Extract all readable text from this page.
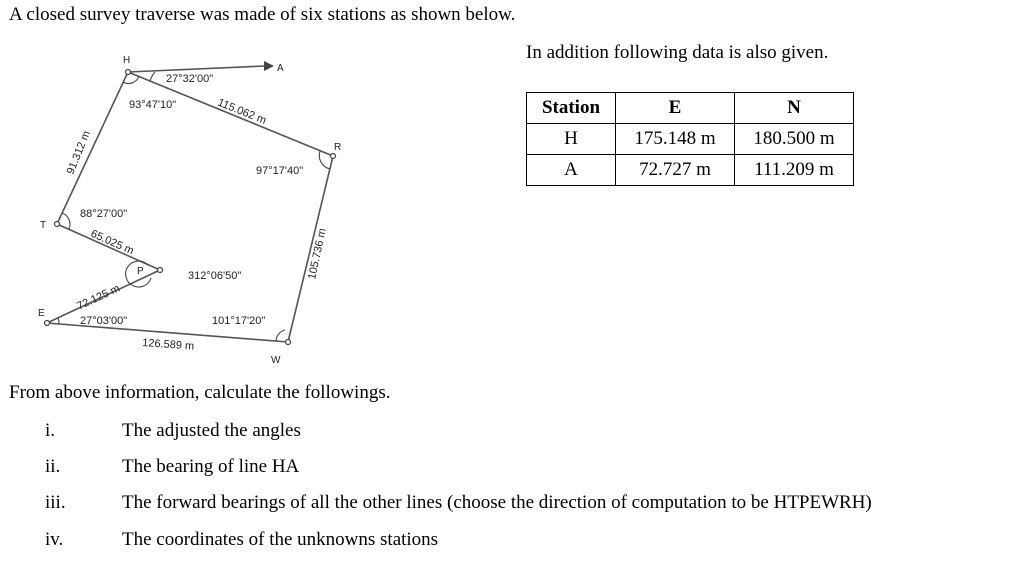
A closed survey traverse was made of six stations as shown below.

In addition following data is also given.
H
A
R
T
P
E
W
27°32'00"
93°47'10"
97°17'40"
88°27'00"
312°06'50"
27°03'00"	101°17'20"
115.062 m
91.312 m
65.025 m
72.125 m
126.589 m
105.736 m
Station	E	N
H	175.148 m	180.500 m
A	72.727 m	111.209 m
From above information, calculate the followings.
i.	The adjusted the angles
ii.	The bearing of line HA
iii.	The forward bearings of all the other lines (choose the direction of computation to be HTPEWRH)
iv.	The coordinates of the unknowns stations
